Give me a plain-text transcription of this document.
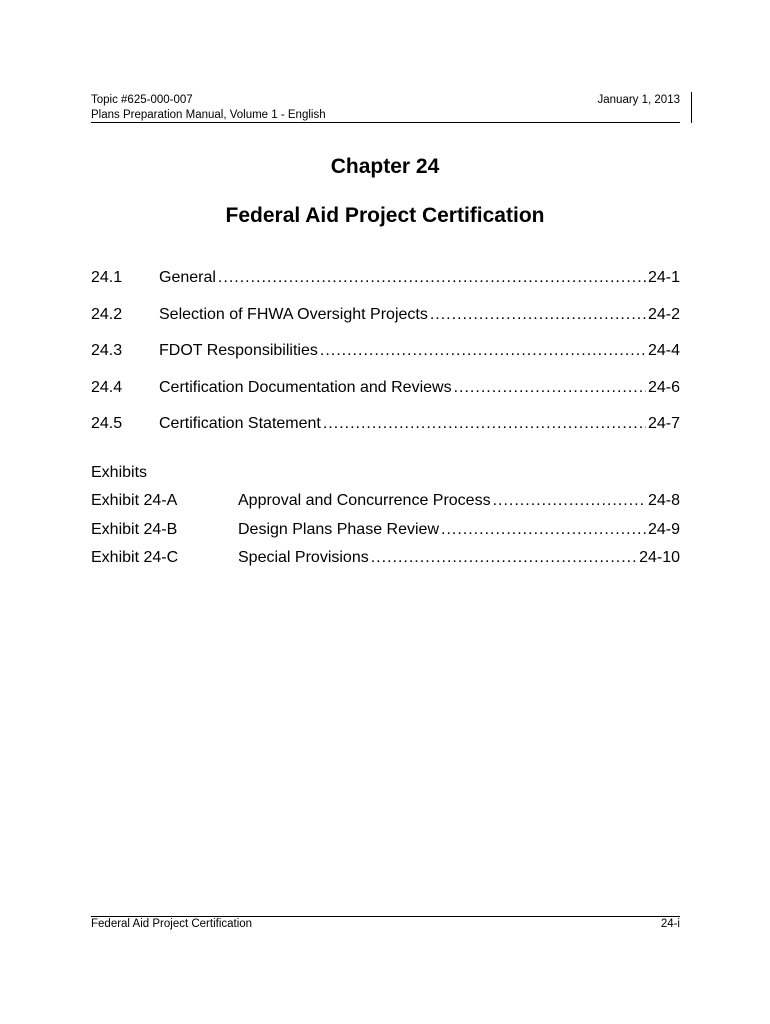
Topic #625-000-007
Plans Preparation Manual, Volume 1 - English
January 1, 2013
Chapter 24
Federal Aid Project Certification
24.1	General .....	24-1
24.2	Selection of FHWA Oversight Projects .....	24-2
24.3	FDOT Responsibilities .....	24-4
24.4	Certification Documentation and Reviews .....	24-6
24.5	Certification Statement .....	24-7
Exhibits
Exhibit 24-A	Approval and Concurrence Process .....	24-8
Exhibit 24-B	Design Plans Phase Review .....	24-9
Exhibit 24-C	Special Provisions .....	24-10
Federal Aid Project Certification	24-i
